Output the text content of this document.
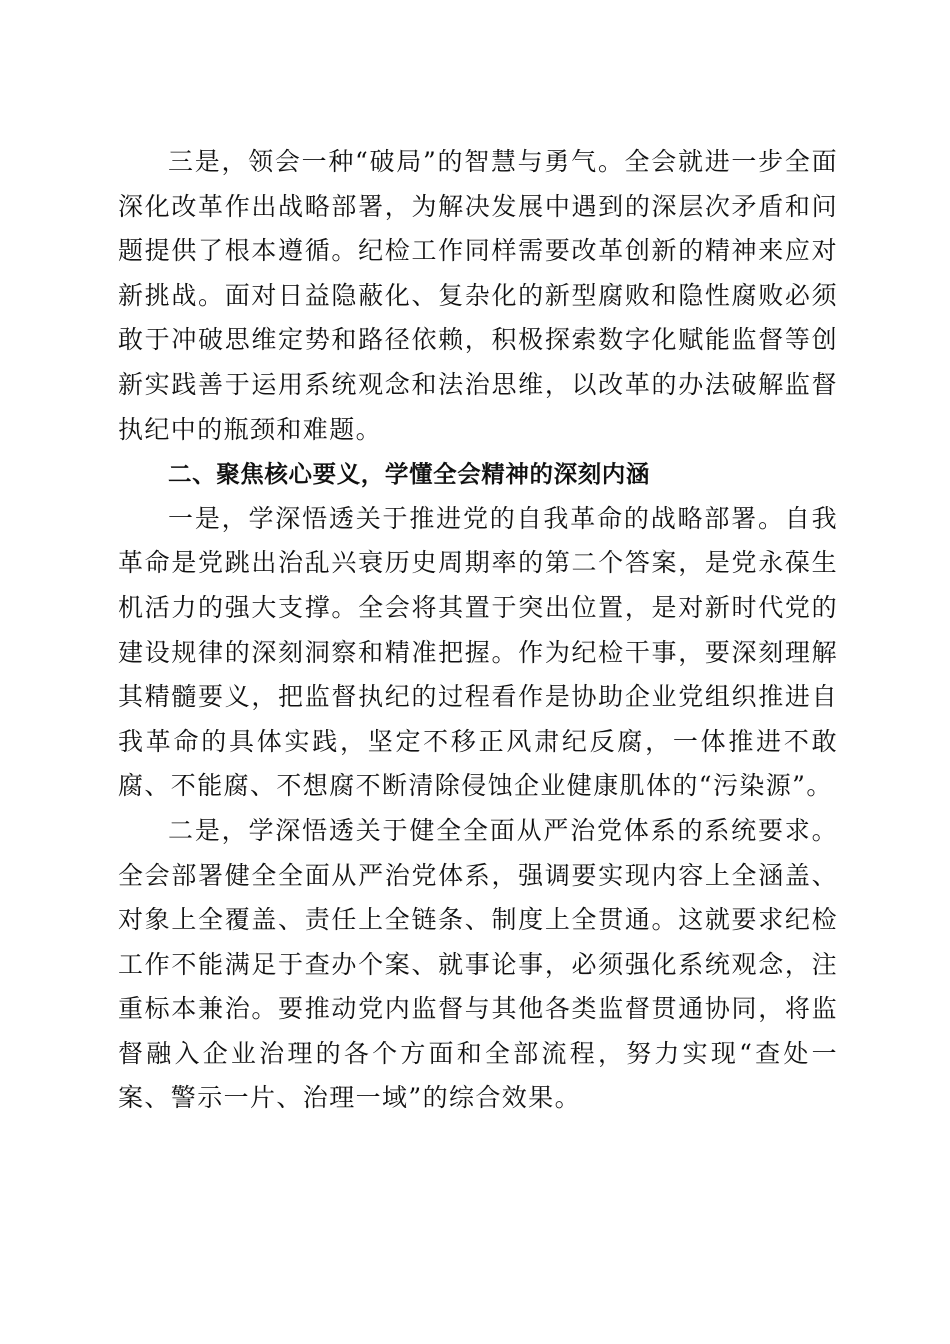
三是，领会一种“破局”的智慧与勇气。全会就进一步全面深化改革作出战略部署，为解决发展中遇到的深层次矛盾和问题提供了根本遵循。纪检工作同样需要改革创新的精神来应对新挑战。面对日益隐蔽化、复杂化的新型腐败和隐性腐败必须敢于冲破思维定势和路径依赖，积极探索数字化赋能监督等创新实践善于运用系统观念和法治思维，以改革的办法破解监督执纪中的瓶颈和难题。

二、聚焦核心要义，学懂全会精神的深刻内涵

一是，学深悟透关于推进党的自我革命的战略部署。自我革命是党跳出治乱兴衰历史周期率的第二个答案，是党永葆生机活力的强大支撑。全会将其置于突出位置，是对新时代党的建设规律的深刻洞察和精准把握。作为纪检干事，要深刻理解其精髓要义，把监督执纪的过程看作是协助企业党组织推进自我革命的具体实践，坚定不移正风肃纪反腐，一体推进不敢腐、不能腐、不想腐不断清除侵蚀企业健康肌体的“污染源”。

二是，学深悟透关于健全全面从严治党体系的系统要求。全会部署健全全面从严治党体系，强调要实现内容上全涵盖、对象上全覆盖、责任上全链条、制度上全贯通。这就要求纪检工作不能满足于查办个案、就事论事，必须强化系统观念，注重标本兼治。要推动党内监督与其他各类监督贯通协同，将监督融入企业治理的各个方面和全部流程，努力实现“查处一案、警示一片、治理一域”的综合效果。
